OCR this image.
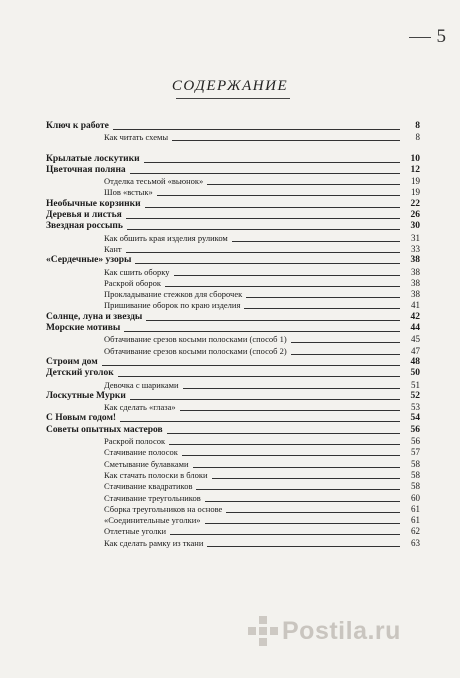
5
СОДЕРЖАНИЕ
Ключ к работе	8
Как читать схемы	8
Крылатые лоскутики	10
Цветочная поляна	12
Отделка тесьмой «вьюнок»	19
Шов «встык»	19
Необычные корзинки	22
Деревья и листья	26
Звездная россыпь	30
Как обшить края изделия руликом	31
Кант	33
«Сердечные» узоры	38
Как сшить оборку	38
Раскрой оборок	38
Прокладывание стежков для сборочек	38
Пришивание оборок по краю изделия	41
Солнце, луна и звезды	42
Морские мотивы	44
Обтачивание срезов косыми полосками (способ 1)	45
Обтачивание срезов косыми полосками (способ 2)	47
Строим дом	48
Детский уголок	50
Девочка с шариками	51
Лоскутные Мурки	52
Как сделать «глаза»	53
С Новым годом!	54
Советы опытных мастеров	56
Раскрой полосок	56
Стачивание полосок	57
Сметывание булавками	58
Как стачать полоски в блоки	58
Стачивание квадратиков	58
Стачивание треугольников	60
Сборка треугольников на основе	61
«Соединительные уголки»	61
Отлетные уголки	62
Как сделать рамку из ткани	63
Postila.ru
